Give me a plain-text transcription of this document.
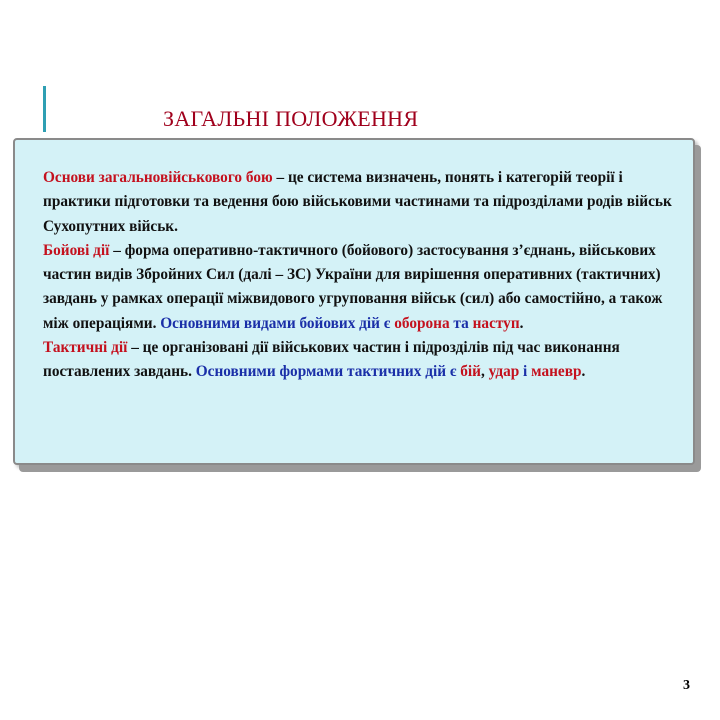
ЗАГАЛЬНІ ПОЛОЖЕННЯ

Основи загальновійськового бою – це система визначень, понять і категорій теорії і практики підготовки та ведення бою військовими частинами та підрозділами родів військ Сухопутних військ.
Бойові дії – форма оперативно-тактичного (бойового) застосування з’єднань, військових частин видів Збройних Сил (далі – ЗС) України для вирішення оперативних (тактичних) завдань у рамках операції міжвидового угруповання військ (сил) або самостійно, а також між операціями. Основними видами бойових дій є оборона та наступ.
Тактичні дії – це організовані дії військових частин і підрозділів під час виконання поставлених завдань. Основними формами тактичних дій є бій, удар і маневр.

3
